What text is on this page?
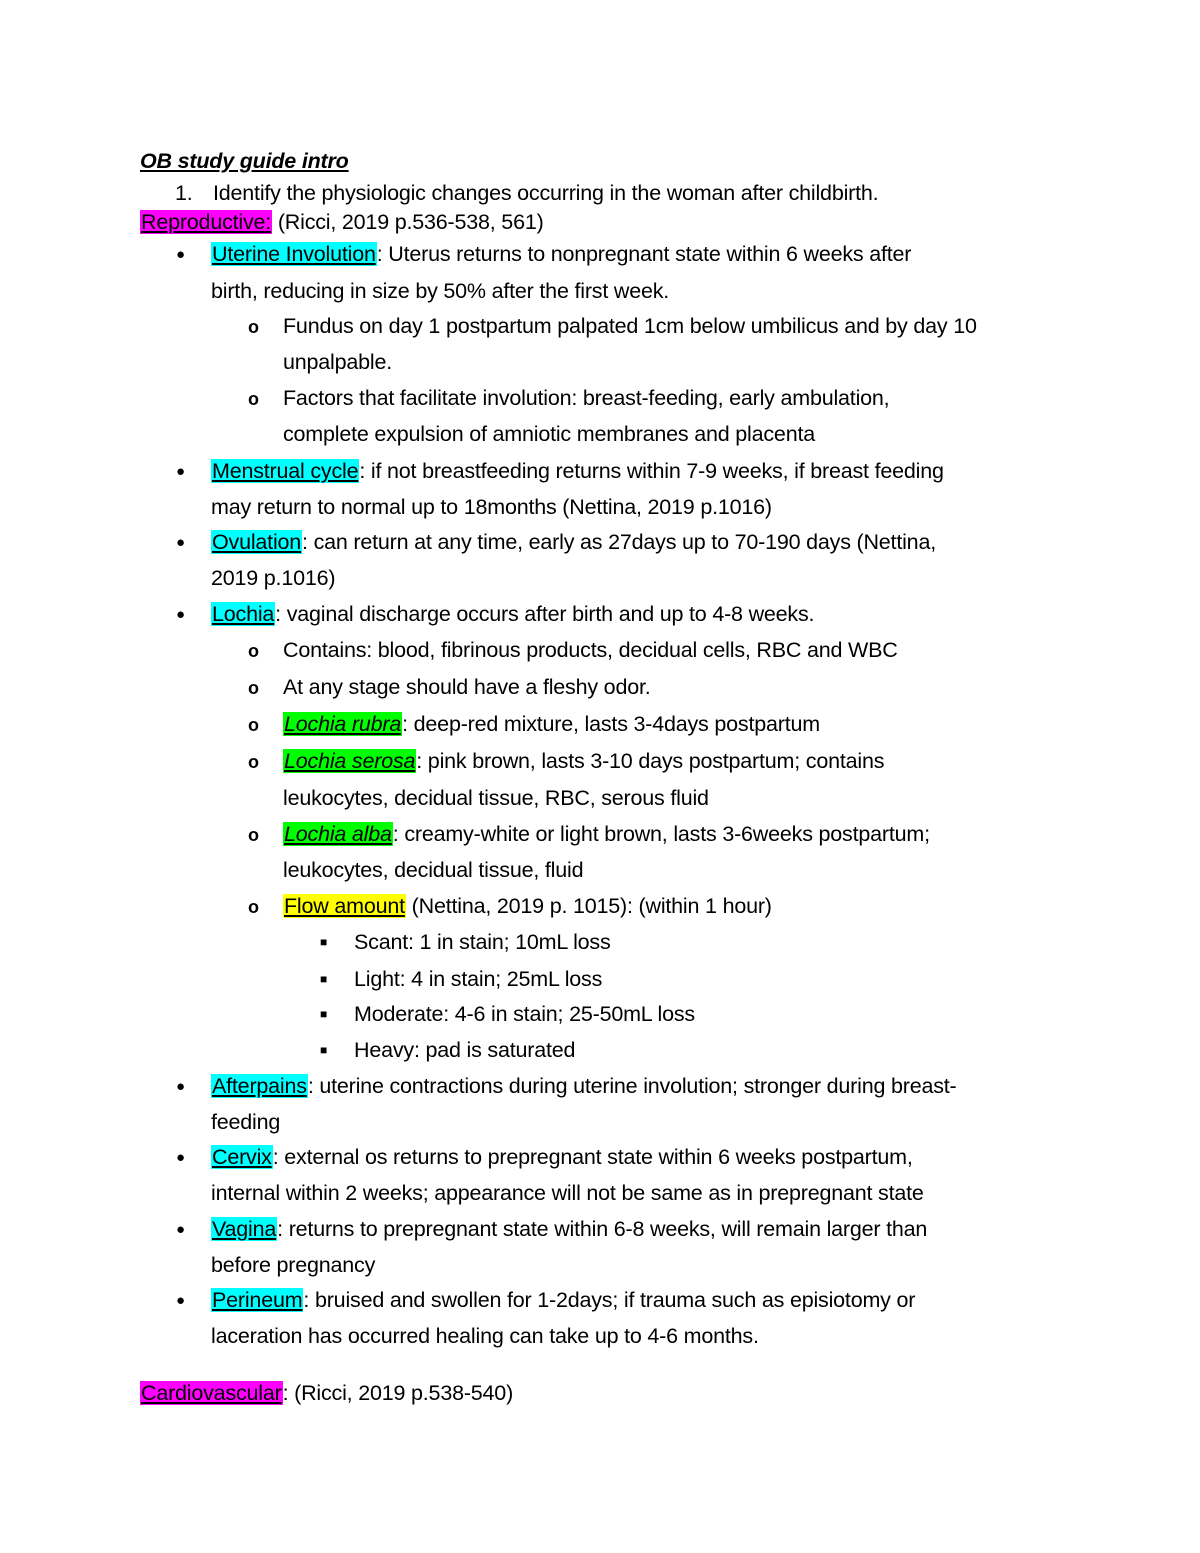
OB study guide intro
1. Identify the physiologic changes occurring in the woman after childbirth.
Reproductive: (Ricci, 2019 p.536-538, 561)
● Uterine Involution: Uterus returns to nonpregnant state within 6 weeks after
birth, reducing in size by 50% after the first week.
o Fundus on day 1 postpartum palpated 1cm below umbilicus and by day 10
unpalpable.
o Factors that facilitate involution: breast-feeding, early ambulation,
complete expulsion of amniotic membranes and placenta
● Menstrual cycle: if not breastfeeding returns within 7-9 weeks, if breast feeding
may return to normal up to 18months (Nettina, 2019 p.1016)
● Ovulation: can return at any time, early as 27days up to 70-190 days (Nettina,
2019 p.1016)
● Lochia: vaginal discharge occurs after birth and up to 4-8 weeks.
o Contains: blood, fibrinous products, decidual cells, RBC and WBC
o At any stage should have a fleshy odor.
o Lochia rubra: deep-red mixture, lasts 3-4days postpartum
o Lochia serosa: pink brown, lasts 3-10 days postpartum; contains
leukocytes, decidual tissue, RBC, serous fluid
o Lochia alba: creamy-white or light brown, lasts 3-6weeks postpartum;
leukocytes, decidual tissue, fluid
o Flow amount (Nettina, 2019 p. 1015): (within 1 hour)
■ Scant: 1 in stain; 10mL loss
■ Light: 4 in stain; 25mL loss
■ Moderate: 4-6 in stain; 25-50mL loss
■ Heavy: pad is saturated
● Afterpains: uterine contractions during uterine involution; stronger during breast-
feeding
● Cervix: external os returns to prepregnant state within 6 weeks postpartum,
internal within 2 weeks; appearance will not be same as in prepregnant state
● Vagina: returns to prepregnant state within 6-8 weeks, will remain larger than
before pregnancy
● Perineum: bruised and swollen for 1-2days; if trauma such as episiotomy or
laceration has occurred healing can take up to 4-6 months.
Cardiovascular: (Ricci, 2019 p.538-540)
